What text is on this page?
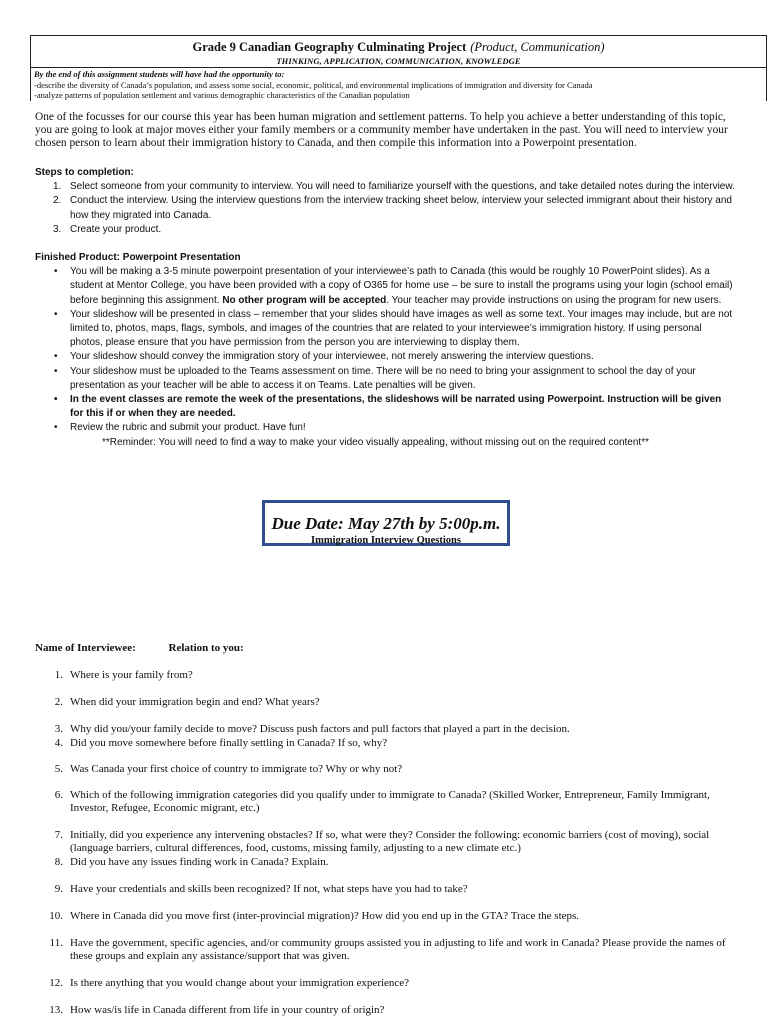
Grade 9 Canadian Geography Culminating Project (Product, Communication)
THINKING, APPLICATION, COMMUNICATION, KNOWLEDGE
By the end of this assignment students will have had the opportunity to:
-describe the diversity of Canada’s population, and assess some social, economic, political, and environmental implications of immigration and diversity for Canada
-analyze patterns of population settlement and various demographic characteristics of the Canadian population
One of the focusses for our course this year has been human migration and settlement patterns. To help you achieve a better understanding of this topic, you are going to look at major moves either your family members or a community member have undertaken in the past. You will need to interview your chosen person to learn about their immigration history to Canada, and then compile this information into a Powerpoint presentation.
Steps to completion:
1. Select someone from your community to interview. You will need to familiarize yourself with the questions, and take detailed notes during the interview.
2. Conduct the interview. Using the interview questions from the interview tracking sheet below, interview your selected immigrant about their history and how they migrated into Canada.
3. Create your product.
Finished Product: Powerpoint Presentation
• You will be making a 3-5 minute powerpoint presentation of your interviewee’s path to Canada (this would be roughly 10 PowerPoint slides). As a student at Mentor College, you have been provided with a copy of O365 for home use – be sure to install the programs using your login (school email) before beginning this assignment. No other program will be accepted. Your teacher may provide instructions on using the program for new users.
• Your slideshow will be presented in class – remember that your slides should have images as well as some text. Your images may include, but are not limited to, photos, maps, flags, symbols, and images of the countries that are related to your interviewee’s immigration history. If using personal photos, please ensure that you have permission from the person you are interviewing to display them.
• Your slideshow should convey the immigration story of your interviewee, not merely answering the interview questions.
• Your slideshow must be uploaded to the Teams assessment on time. There will be no need to bring your assignment to school the day of your presentation as your teacher will be able to access it on Teams. Late penalties will be given.
• In the event classes are remote the week of the presentations, the slideshows will be narrated using Powerpoint. Instruction will be given for this if or when they are needed.
• Review the rubric and submit your product. Have fun!
**Reminder: You will need to find a way to make your video visually appealing, without missing out on the required content**
Due Date: May 27th by 5:00p.m.
Immigration Interview Questions
Name of Interviewee:	Relation to you:
1. Where is your family from?
2. When did your immigration begin and end? What years?
3. Why did you/your family decide to move? Discuss push factors and pull factors that played a part in the decision.
4. Did you move somewhere before finally settling in Canada? If so, why?
5. Was Canada your first choice of country to immigrate to? Why or why not?
6. Which of the following immigration categories did you qualify under to immigrate to Canada? (Skilled Worker, Entrepreneur, Family Immigrant, Investor, Refugee, Economic migrant, etc.)
7. Initially, did you experience any intervening obstacles? If so, what were they? Consider the following: economic barriers (cost of moving), social (language barriers, cultural differences, food, customs, missing family, adjusting to a new climate etc.)
8. Did you have any issues finding work in Canada? Explain.
9. Have your credentials and skills been recognized? If not, what steps have you had to take?
10. Where in Canada did you move first (inter-provincial migration)? How did you end up in the GTA? Trace the steps.
11. Have the government, specific agencies, and/or community groups assisted you in adjusting to life and work in Canada? Please provide the names of these groups and explain any assistance/support that was given.
12. Is there anything that you would change about your immigration experience?
13. How was/is life in Canada different from life in your country of origin?
